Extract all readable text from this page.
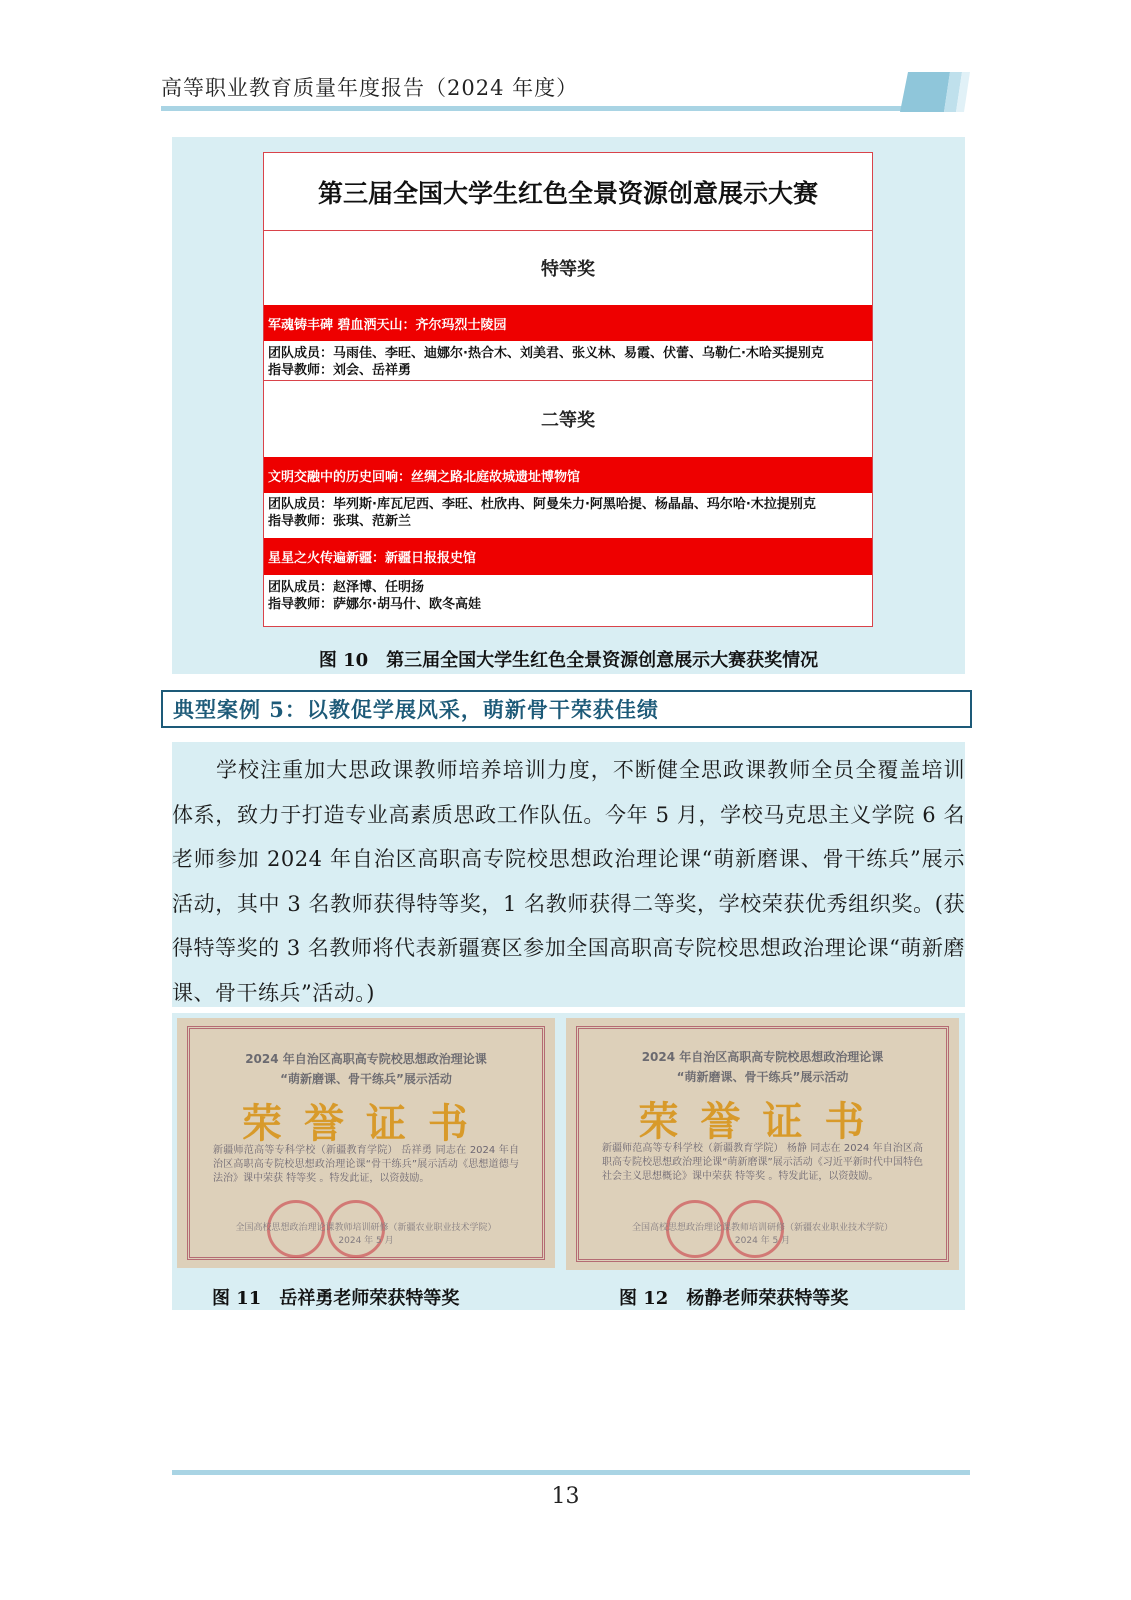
高等职业教育质量年度报告（2024 年度）
第三届全国大学生红色全景资源创意展示大赛
特等奖
军魂铸丰碑 碧血洒天山：齐尔玛烈士陵园
团队成员：马雨佳、李旺、迪娜尔·热合木、刘美君、张义林、易霞、伏蕾、乌勒仁·木哈买提别克
指导教师：刘会、岳祥勇
二等奖
文明交融中的历史回响：丝绸之路北庭故城遗址博物馆
团队成员：毕列斯·库瓦尼西、李旺、杜欣冉、阿曼朱力·阿黑哈提、杨晶晶、玛尔哈·木拉提别克
指导教师：张琪、范新兰
星星之火传遍新疆：新疆日报报史馆
团队成员：赵泽博、任明扬
指导教师：萨娜尔·胡马什、欧冬高娃
图 10　第三届全国大学生红色全景资源创意展示大赛获奖情况
典型案例 5：以教促学展风采，萌新骨干荣获佳绩
学校注重加大思政课教师培养培训力度，不断健全思政课教师全员全覆盖培训体系，致力于打造专业高素质思政工作队伍。今年 5 月，学校马克思主义学院 6 名老师参加 2024 年自治区高职高专院校思想政治理论课“萌新磨课、骨干练兵”展示活动，其中 3 名教师获得特等奖，1 名教师获得二等奖，学校荣获优秀组织奖。(获得特等奖的 3 名教师将代表新疆赛区参加全国高职高专院校思想政治理论课“萌新磨课、骨干练兵”活动。)
2024 年自治区高职高专院校思想政治理论课
“萌新磨课、骨干练兵”展示活动
荣誉证书
新疆师范高等专科学校（新疆教育学院） 岳祥勇 同志在 2024 年自治区高职高专院校思想政治理论课“骨干练兵”展示活动《思想道德与法治》课中荣获 特等奖 。特发此证，以资鼓励。
全国高校思想政治理论课教师培训研修（新疆农业职业技术学院）
2024 年 5 月
图 11　岳祥勇老师荣获特等奖
2024 年自治区高职高专院校思想政治理论课
“萌新磨课、骨干练兵”展示活动
荣誉证书
新疆师范高等专科学校（新疆教育学院） 杨静 同志在 2024 年自治区高职高专院校思想政治理论课“萌新磨课”展示活动《习近平新时代中国特色社会主义思想概论》课中荣获 特等奖 。特发此证，以资鼓励。
全国高校思想政治理论课教师培训研修（新疆农业职业技术学院）
2024 年 5 月
图 12　杨静老师荣获特等奖
13
